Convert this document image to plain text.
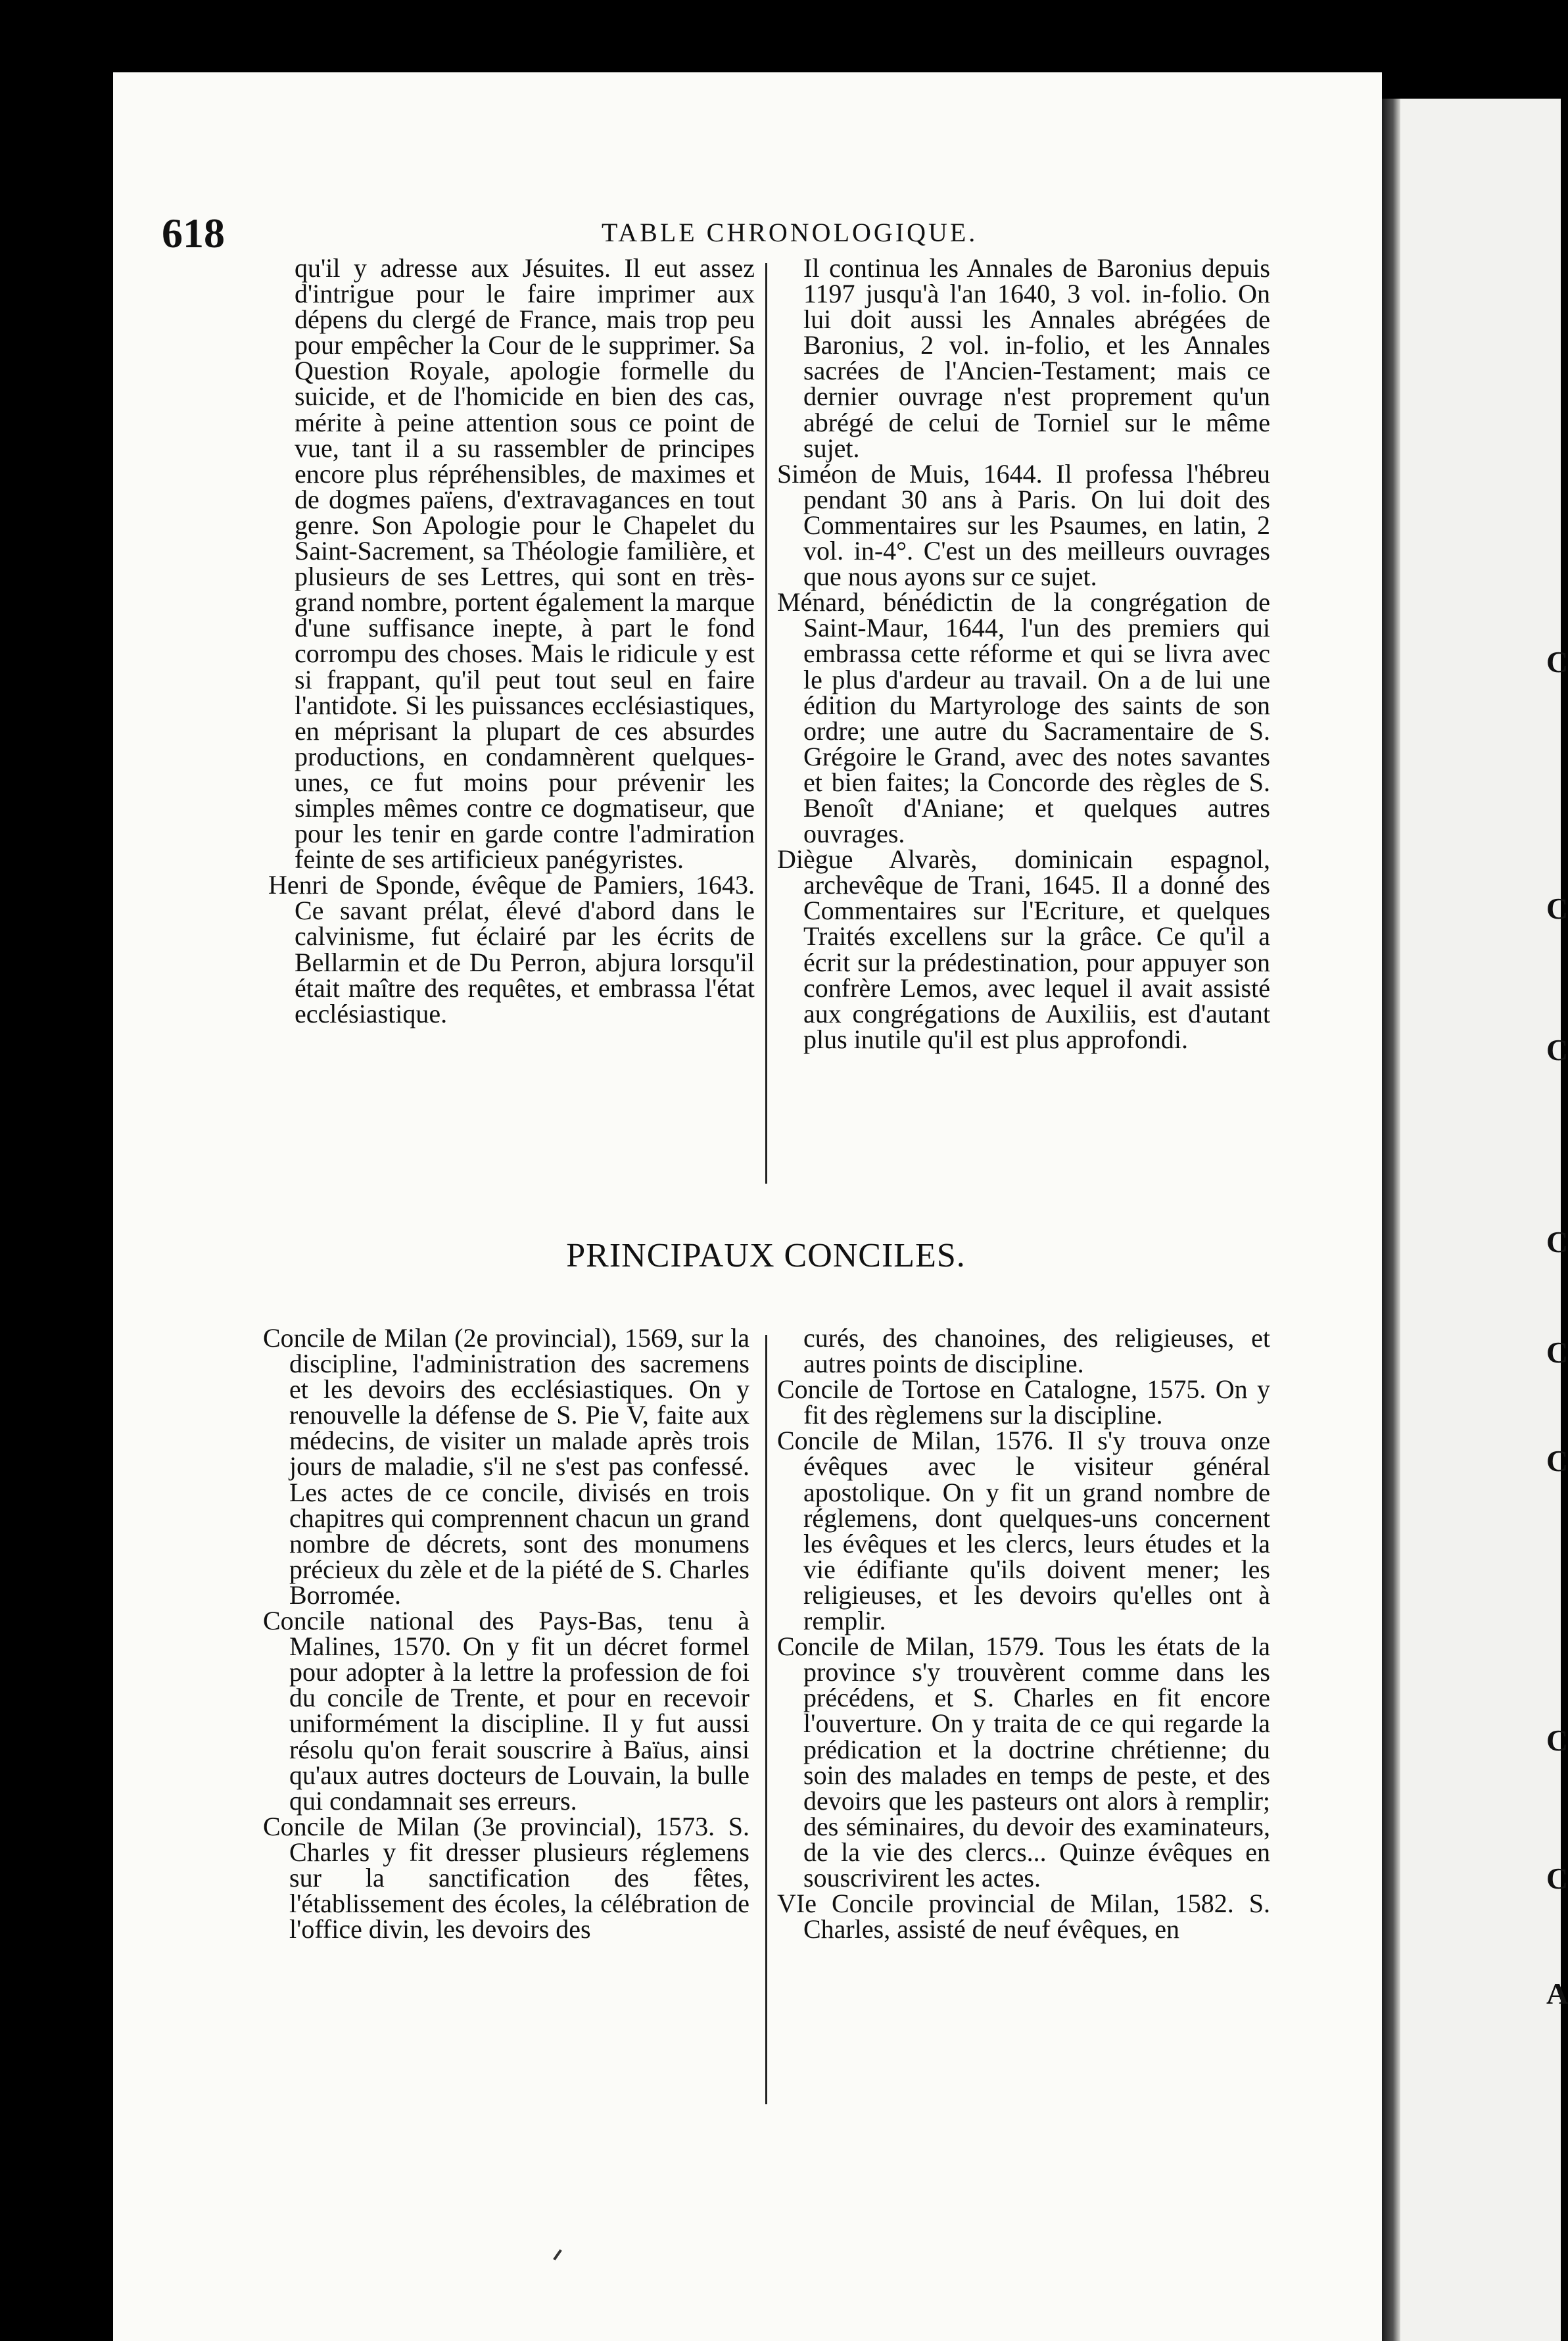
C
C
C
C
C
C
C
C
A
618	TABLE CHRONOLOGIQUE.

qu'il y adresse aux Jésuites. Il eut assez d'intrigue pour le faire imprimer aux dépens du clergé de France, mais trop peu pour empêcher la Cour de le supprimer. Sa Question Royale, apologie formelle du suicide, et de l'homicide en bien des cas, mérite à peine attention sous ce point de vue, tant il a su rassembler de principes encore plus répréhensibles, de maximes et de dogmes païens, d'extravagances en tout genre. Son Apologie pour le Chapelet du Saint-Sacrement, sa Théologie familière, et plusieurs de ses Lettres, qui sont en très-grand nombre, portent également la marque d'une suffisance inepte, à part le fond corrompu des choses. Mais le ridicule y est si frappant, qu'il peut tout seul en faire l'antidote. Si les puissances ecclésiastiques, en méprisant la plupart de ces absurdes productions, en condamnèrent quelques-unes, ce fut moins pour prévenir les simples mêmes contre ce dogmatiseur, que pour les tenir en garde contre l'admiration feinte de ses artificieux panégyristes.

Henri de Sponde, évêque de Pamiers, 1643. Ce savant prélat, élevé d'abord dans le calvinisme, fut éclairé par les écrits de Bellarmin et de Du Perron, abjura lorsqu'il était maître des requêtes, et embrassa l'état ecclésiastique.

Il continua les Annales de Baronius depuis 1197 jusqu'à l'an 1640, 3 vol. in-folio. On lui doit aussi les Annales abrégées de Baronius, 2 vol. in-folio, et les Annales sacrées de l'Ancien-Testament; mais ce dernier ouvrage n'est proprement qu'un abrégé de celui de Torniel sur le même sujet.

Siméon de Muis, 1644. Il professa l'hébreu pendant 30 ans à Paris. On lui doit des Commentaires sur les Psaumes, en latin, 2 vol. in-4°. C'est un des meilleurs ouvrages que nous ayons sur ce sujet.

Ménard, bénédictin de la congrégation de Saint-Maur, 1644, l'un des premiers qui embrassa cette réforme et qui se livra avec le plus d'ardeur au travail. On a de lui une édition du Martyrologe des saints de son ordre; une autre du Sacramentaire de S. Grégoire le Grand, avec des notes savantes et bien faites; la Concorde des règles de S. Benoît d'Aniane; et quelques autres ouvrages.

Diègue Alvarès, dominicain espagnol, archevêque de Trani, 1645. Il a donné des Commentaires sur l'Ecriture, et quelques Traités excellens sur la grâce. Ce qu'il a écrit sur la prédestination, pour appuyer son confrère Lemos, avec lequel il avait assisté aux congrégations de Auxiliis, est d'autant plus inutile qu'il est plus approfondi.

PRINCIPAUX CONCILES.

Concile de Milan (2e provincial), 1569, sur la discipline, l'administration des sacremens et les devoirs des ecclésiastiques. On y renouvelle la défense de S. Pie V, faite aux médecins, de visiter un malade après trois jours de maladie, s'il ne s'est pas confessé. Les actes de ce concile, divisés en trois chapitres qui comprennent chacun un grand nombre de décrets, sont des monumens précieux du zèle et de la piété de S. Charles Borromée.

Concile national des Pays-Bas, tenu à Malines, 1570. On y fit un décret formel pour adopter à la lettre la profession de foi du concile de Trente, et pour en recevoir uniformément la discipline. Il y fut aussi résolu qu'on ferait souscrire à Baïus, ainsi qu'aux autres docteurs de Louvain, la bulle qui condamnait ses erreurs.

Concile de Milan (3e provincial), 1573. S. Charles y fit dresser plusieurs réglemens sur la sanctification des fêtes, l'établissement des écoles, la célébration de l'office divin, les devoirs des

curés, des chanoines, des religieuses, et autres points de discipline.

Concile de Tortose en Catalogne, 1575. On y fit des règlemens sur la discipline.

Concile de Milan, 1576. Il s'y trouva onze évêques avec le visiteur général apostolique. On y fit un grand nombre de réglemens, dont quelques-uns concernent les évêques et les clercs, leurs études et la vie édifiante qu'ils doivent mener; les religieuses, et les devoirs qu'elles ont à remplir.

Concile de Milan, 1579. Tous les états de la province s'y trouvèrent comme dans les précédens, et S. Charles en fit encore l'ouverture. On y traita de ce qui regarde la prédication et la doctrine chrétienne; du soin des malades en temps de peste, et des devoirs que les pasteurs ont alors à remplir; des séminaires, du devoir des examinateurs, de la vie des clercs... Quinze évêques en souscrivirent les actes.

VIe Concile provincial de Milan, 1582. S. Charles, assisté de neuf évêques, en
